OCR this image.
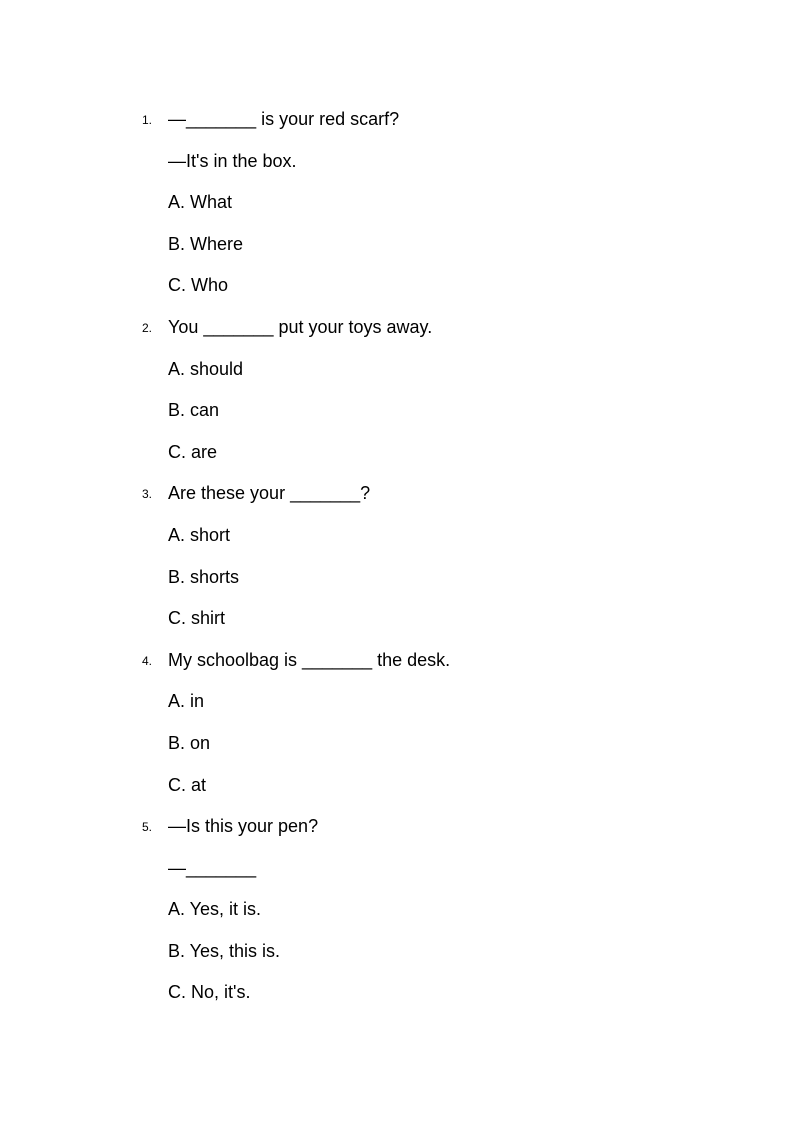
1. —_______ is your red scarf?
—It's in the box.
A. What
B. Where
C. Who
2. You _______ put your toys away.
A. should
B. can
C. are
3. Are these your _______?
A. short
B. shorts
C. shirt
4. My schoolbag is _______ the desk.
A. in
B. on
C. at
5. —Is this your pen?
—_______
A. Yes, it is.
B. Yes, this is.
C. No, it's.
